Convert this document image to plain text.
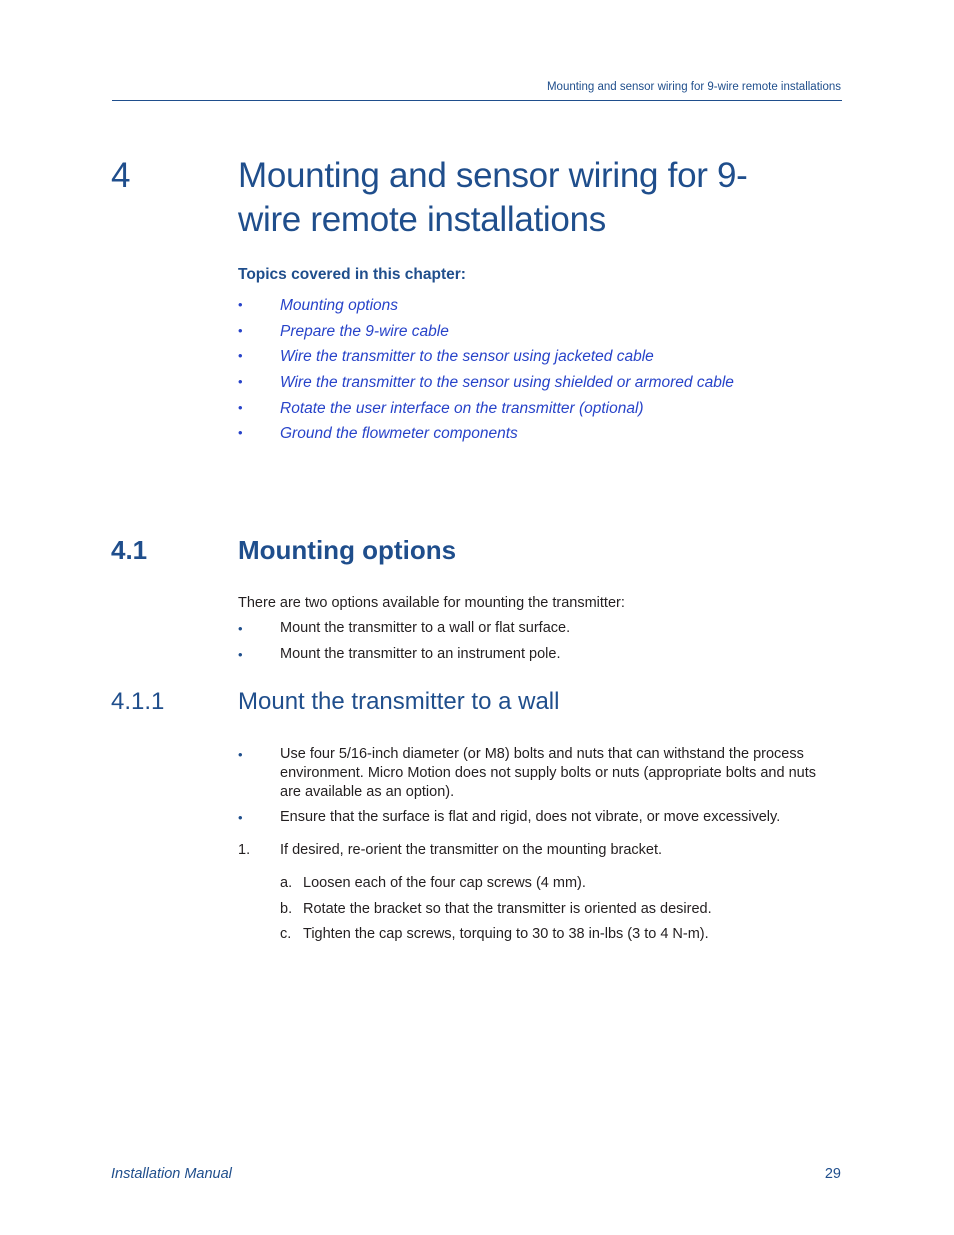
Mounting and sensor wiring for 9-wire remote installations
4	Mounting and sensor wiring for 9-
wire remote installations
Topics covered in this chapter:
• Mounting options
• Prepare the 9-wire cable
• Wire the transmitter to the sensor using jacketed cable
• Wire the transmitter to the sensor using shielded or armored cable
• Rotate the user interface on the transmitter (optional)
• Ground the flowmeter components
4.1	Mounting options
There are two options available for mounting the transmitter:
•	Mount the transmitter to a wall or flat surface.
•	Mount the transmitter to an instrument pole.
4.1.1	Mount the transmitter to a wall
•	Use four 5/16-inch diameter (or M8) bolts and nuts that can withstand the process environment. Micro Motion does not supply bolts or nuts (appropriate bolts and nuts are available as an option).
•	Ensure that the surface is flat and rigid, does not vibrate, or move excessively.
1. If desired, re-orient the transmitter on the mounting bracket.
a. Loosen each of the four cap screws (4 mm).
b. Rotate the bracket so that the transmitter is oriented as desired.
c. Tighten the cap screws, torquing to 30 to 38 in-lbs (3 to 4 N-m).
Installation Manual	29
